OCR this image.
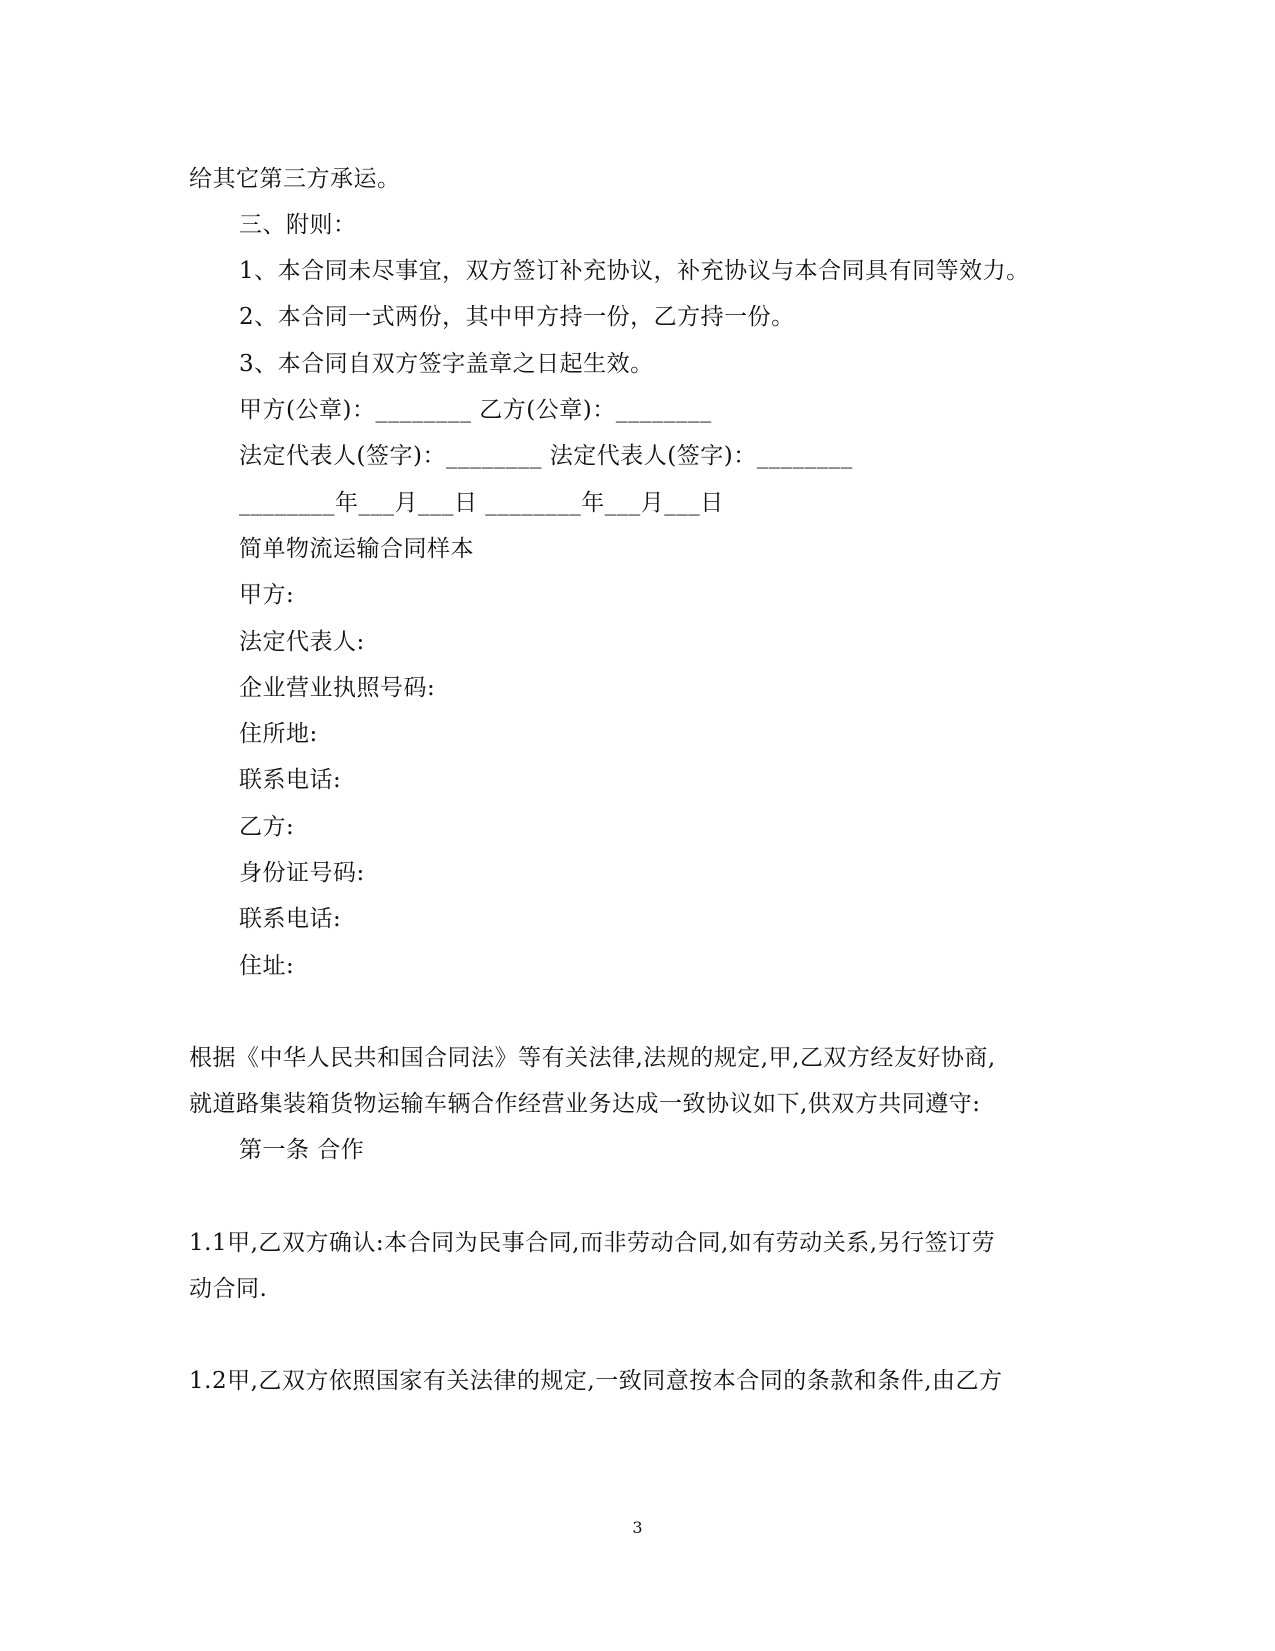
给其它第三方承运。
三、附则：
1、本合同未尽事宜，双方签订补充协议，补充协议与本合同具有同等效力。
2、本合同一式两份，其中甲方持一份，乙方持一份。
3、本合同自双方签字盖章之日起生效。
甲方(公章)：________ 乙方(公章)：________
法定代表人(签字)：________ 法定代表人(签字)：________
________年___月___日 ________年___月___日
简单物流运输合同样本
甲方:
法定代表人:
企业营业执照号码:
住所地:
联系电话:
乙方:
身份证号码:
联系电话:
住址:
根据《中华人民共和国合同法》等有关法律,法规的规定,甲,乙双方经友好协商,
就道路集装箱货物运输车辆合作经营业务达成一致协议如下,供双方共同遵守:
第一条 合作
1.1甲,乙双方确认:本合同为民事合同,而非劳动合同,如有劳动关系,另行签订劳
动合同.
1.2甲,乙双方依照国家有关法律的规定,一致同意按本合同的条款和条件,由乙方
3
